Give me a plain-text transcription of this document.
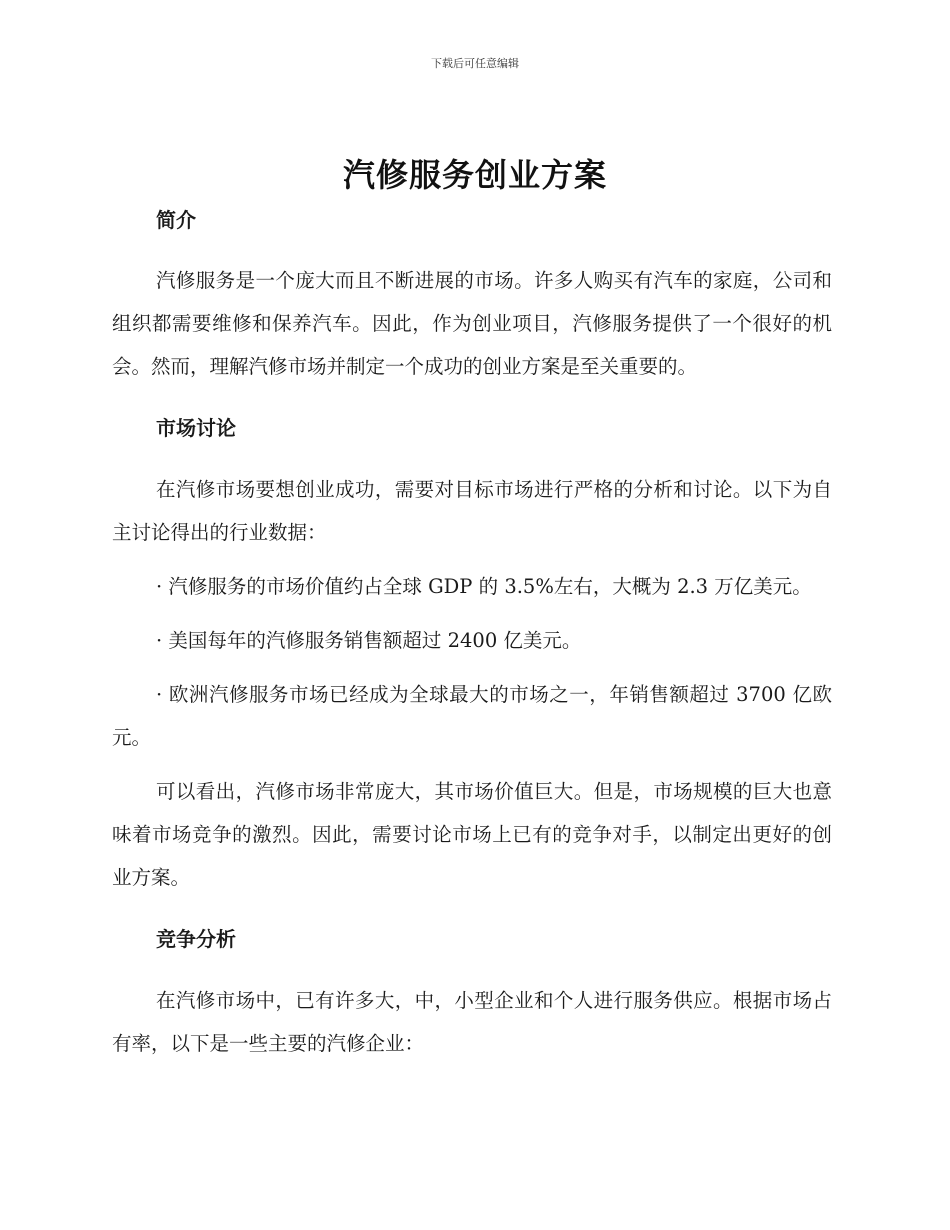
下载后可任意编辑
汽修服务创业方案
简介

汽修服务是一个庞大而且不断进展的市场。许多人购买有汽车的家庭，公司和组织都需要维修和保养汽车。因此，作为创业项目，汽修服务提供了一个很好的机会。然而，理解汽修市场并制定一个成功的创业方案是至关重要的。

市场讨论

在汽修市场要想创业成功，需要对目标市场进行严格的分析和讨论。以下为自主讨论得出的行业数据：

· 汽修服务的市场价值约占全球 GDP 的 3.5%左右，大概为 2.3 万亿美元。

· 美国每年的汽修服务销售额超过 2400 亿美元。

· 欧洲汽修服务市场已经成为全球最大的市场之一，年销售额超过 3700 亿欧元。

可以看出，汽修市场非常庞大，其市场价值巨大。但是，市场规模的巨大也意味着市场竞争的激烈。因此，需要讨论市场上已有的竞争对手，以制定出更好的创业方案。

竞争分析

在汽修市场中，已有许多大，中，小型企业和个人进行服务供应。根据市场占有率，以下是一些主要的汽修企业：
